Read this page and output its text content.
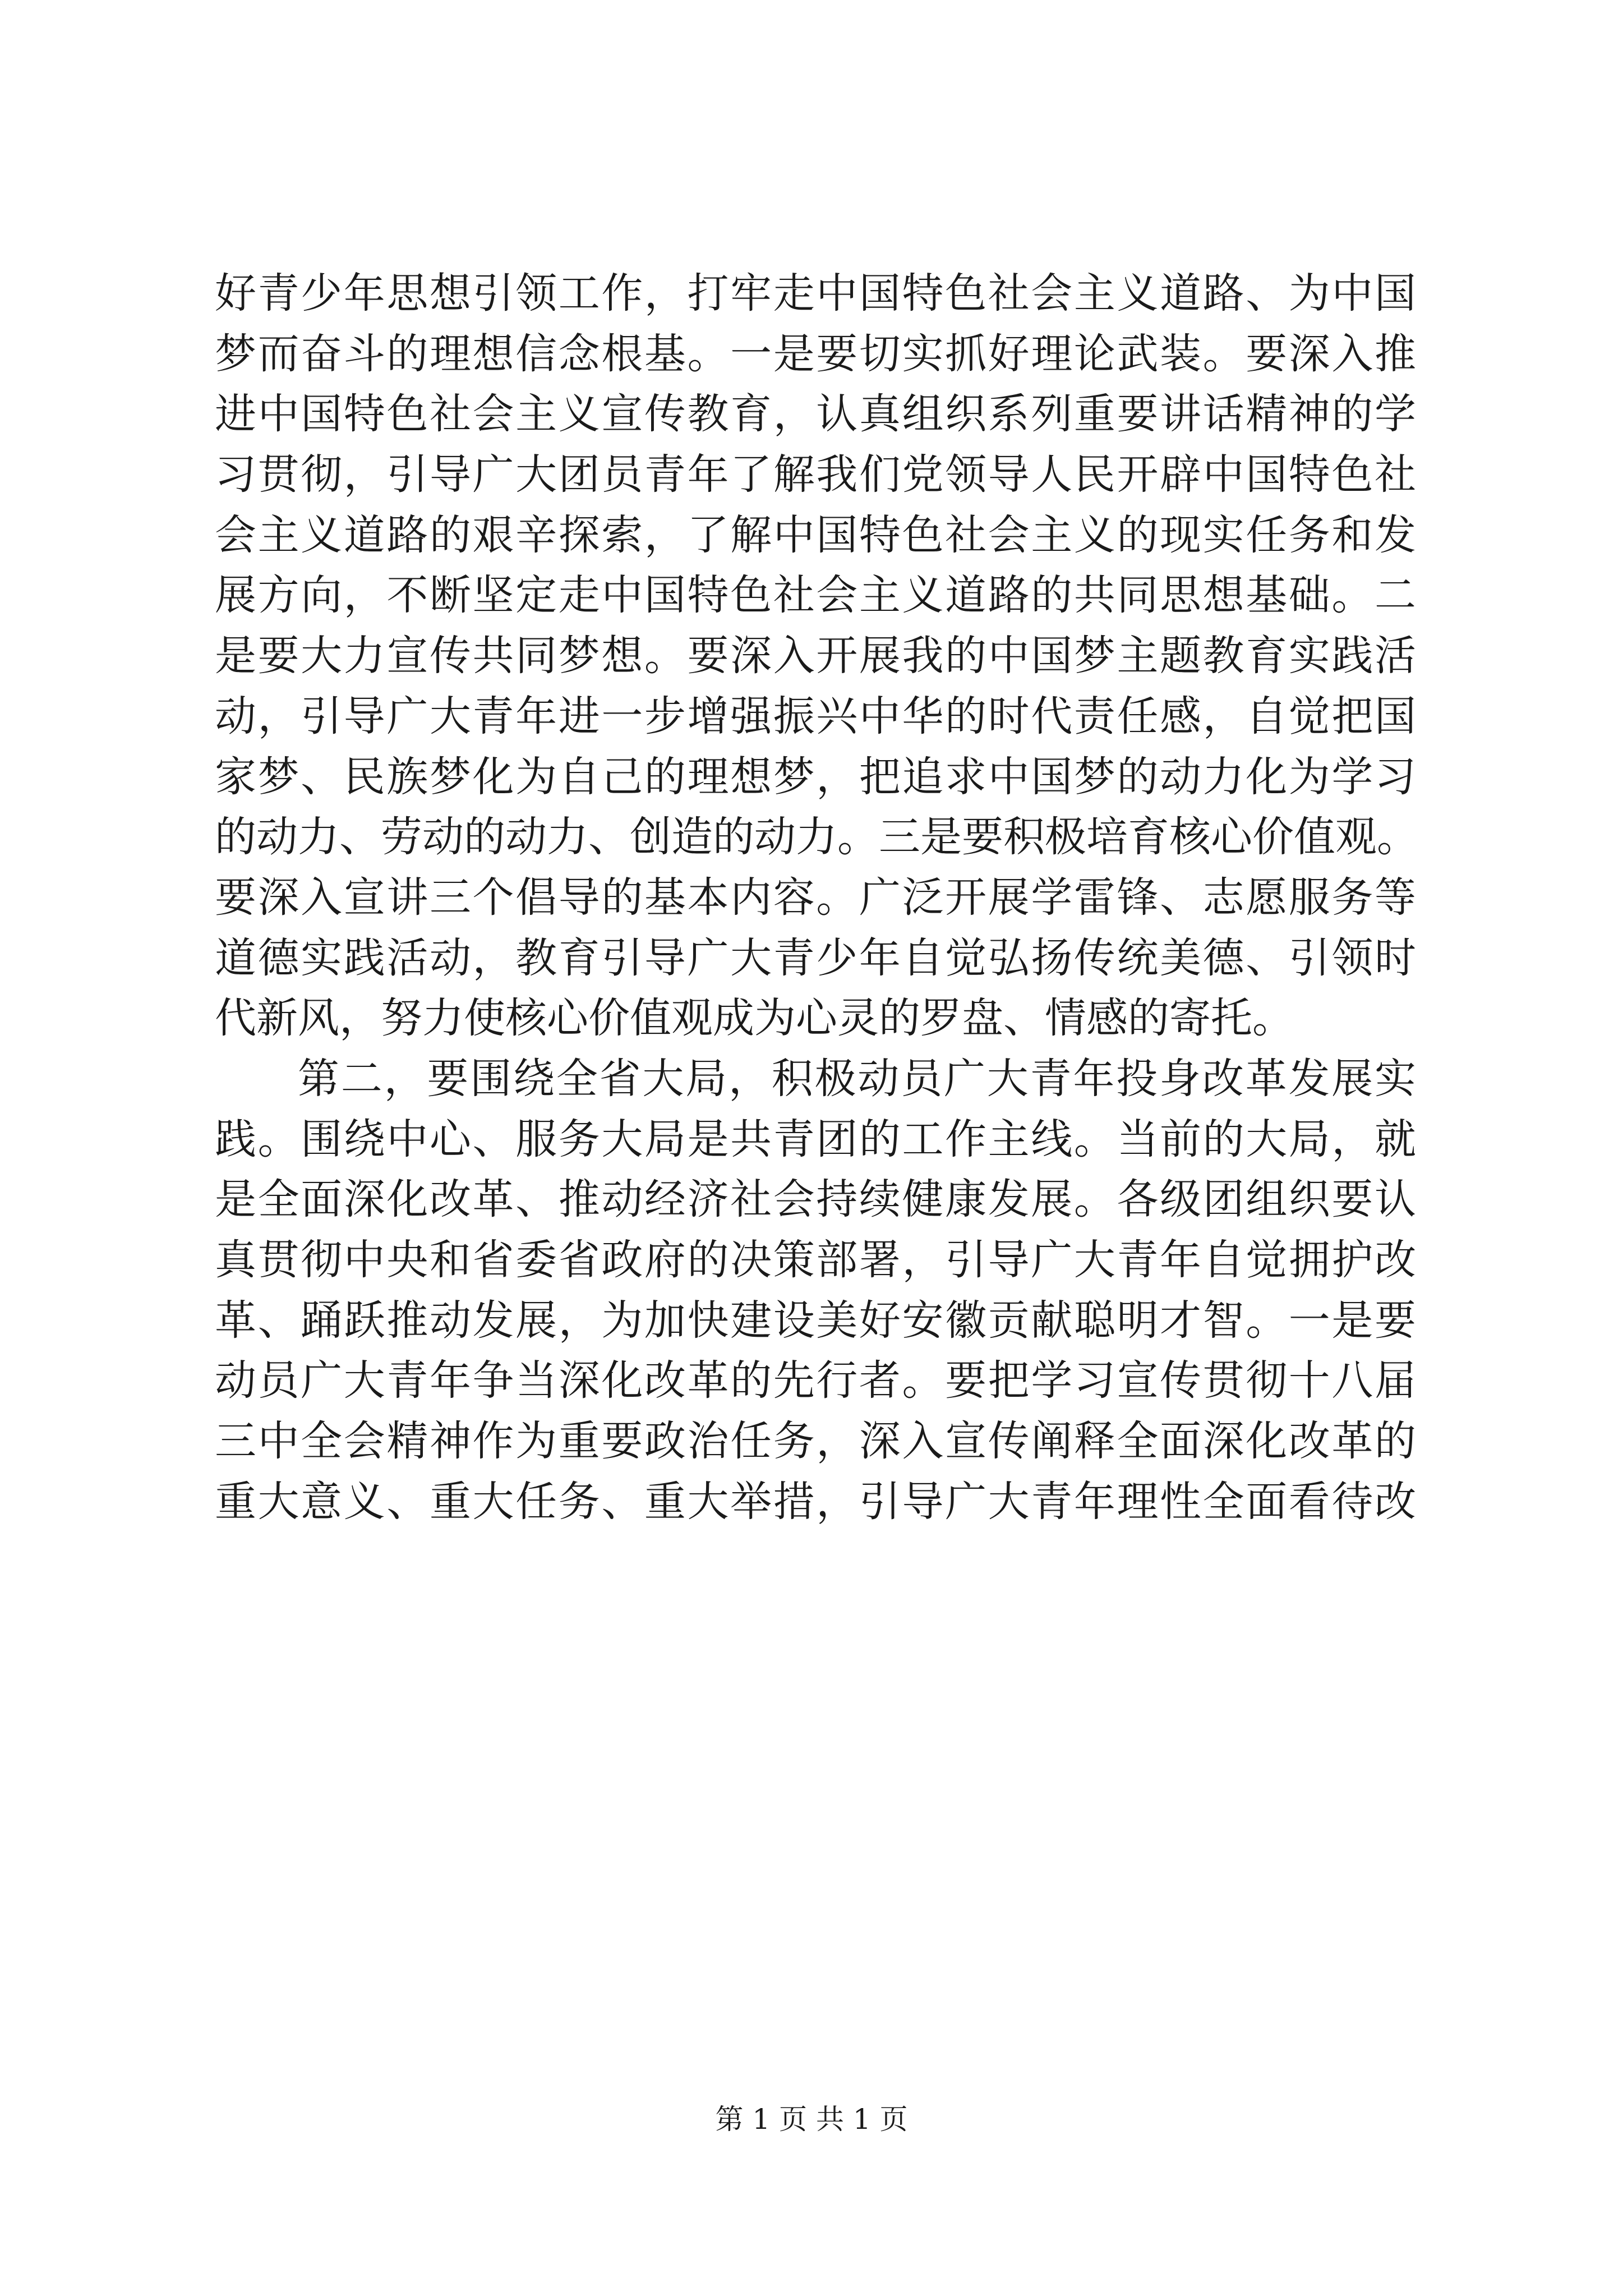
好青少年思想引领工作，打牢走中国特色社会主义道路、为中国
梦而奋斗的理想信念根基。一是要切实抓好理论武装。要深入推
进中国特色社会主义宣传教育，认真组织系列重要讲话精神的学
习贯彻，引导广大团员青年了解我们党领导人民开辟中国特色社
会主义道路的艰辛探索，了解中国特色社会主义的现实任务和发
展方向，不断坚定走中国特色社会主义道路的共同思想基础。二
是要大力宣传共同梦想。要深入开展我的中国梦主题教育实践活
动，引导广大青年进一步增强振兴中华的时代责任感，自觉把国
家梦、民族梦化为自己的理想梦，把追求中国梦的动力化为学习
的动力、劳动的动力、创造的动力。三是要积极培育核心价值观。
要深入宣讲三个倡导的基本内容。广泛开展学雷锋、志愿服务等
道德实践活动，教育引导广大青少年自觉弘扬传统美德、引领时
代新风，努力使核心价值观成为心灵的罗盘、情感的寄托。
第二，要围绕全省大局，积极动员广大青年投身改革发展实
践。围绕中心、服务大局是共青团的工作主线。当前的大局，就
是全面深化改革、推动经济社会持续健康发展。各级团组织要认
真贯彻中央和省委省政府的决策部署，引导广大青年自觉拥护改
革、踊跃推动发展，为加快建设美好安徽贡献聪明才智。一是要
动员广大青年争当深化改革的先行者。要把学习宣传贯彻十八届
三中全会精神作为重要政治任务，深入宣传阐释全面深化改革的
重大意义、重大任务、重大举措，引导广大青年理性全面看待改
第 1 页 共 1 页
